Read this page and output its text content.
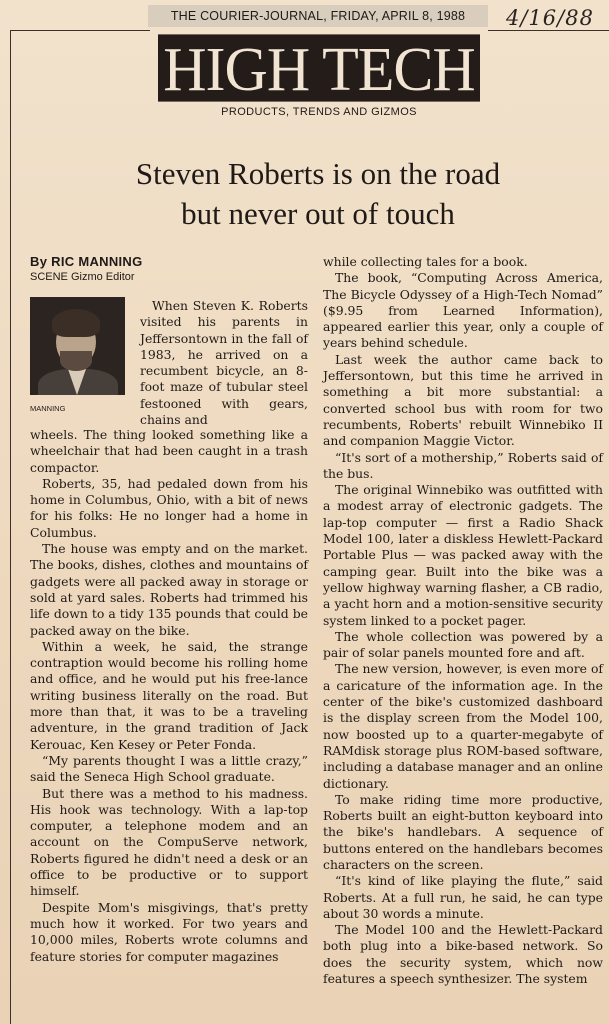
THE COURIER-JOURNAL, FRIDAY, APRIL 8, 1988	4/16/88
HIGH TECH
PRODUCTS, TRENDS AND GIZMOS
Steven Roberts is on the road
but never out of touch
By RIC MANNING
SCENE Gizmo Editor
MANNING

When Steven K. Roberts visited his parents in Jeffersontown in the fall of 1983, he arrived on a recumbent bicycle, an 8-foot maze of tubular steel festooned with gears, chains and

wheels. The thing looked something like a wheelchair that had been caught in a trash compactor.

Roberts, 35, had pedaled down from his home in Columbus, Ohio, with a bit of news for his folks: He no longer had a home in Columbus.

The house was empty and on the market. The books, dishes, clothes and mountains of gadgets were all packed away in storage or sold at yard sales. Roberts had trimmed his life down to a tidy 135 pounds that could be packed away on the bike.

Within a week, he said, the strange contraption would become his rolling home and office, and he would put his free-lance writing business literally on the road. But more than that, it was to be a traveling adventure, in the grand tradition of Jack Kerouac, Ken Kesey or Peter Fonda.

“My parents thought I was a little crazy,” said the Seneca High School graduate.

But there was a method to his madness. His hook was technology. With a lap-top computer, a telephone modem and an account on the CompuServe network, Roberts figured he didn't need a desk or an office to be productive or to support himself.

Despite Mom's misgivings, that's pretty much how it worked. For two years and 10,000 miles, Roberts wrote columns and feature stories for computer magazines

while collecting tales for a book.

The book, “Computing Across America, The Bicycle Odyssey of a High-Tech Nomad” ($9.95 from Learned Information), appeared earlier this year, only a couple of years behind schedule.

Last week the author came back to Jeffersontown, but this time he arrived in something a bit more substantial: a converted school bus with room for two recumbents, Roberts' rebuilt Winnebiko II and companion Maggie Victor.

“It's sort of a mothership,” Roberts said of the bus.

The original Winnebiko was outfitted with a modest array of electronic gadgets. The lap-top computer — first a Radio Shack Model 100, later a diskless Hewlett-Packard Portable Plus — was packed away with the camping gear. Built into the bike was a yellow highway warning flasher, a CB radio, a yacht horn and a motion-sensitive security system linked to a pocket pager.

The whole collection was powered by a pair of solar panels mounted fore and aft.

The new version, however, is even more of a caricature of the information age. In the center of the bike's customized dashboard is the display screen from the Model 100, now boosted up to a quarter-megabyte of RAMdisk storage plus ROM-based software, including a database manager and an online dictionary.

To make riding time more productive, Roberts built an eight-button keyboard into the bike's handlebars. A sequence of buttons entered on the handlebars becomes characters on the screen.

“It's kind of like playing the flute,” said Roberts. At a full run, he said, he can type about 30 words a minute.

The Model 100 and the Hewlett-Packard both plug into a bike-based network. So does the security system, which now features a speech synthesizer. The system
